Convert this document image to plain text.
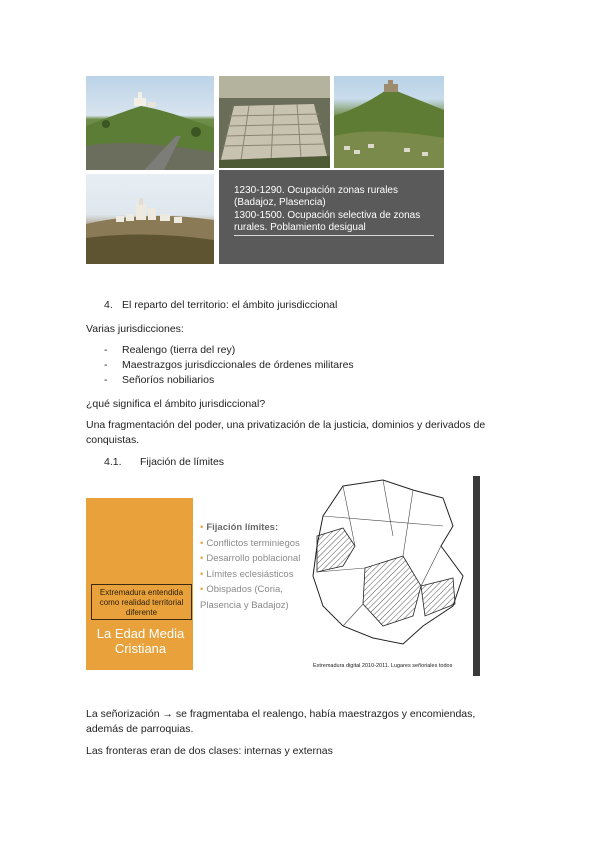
1230-1290. Ocupación zonas rurales (Badajoz, Plasencia)
1300-1500. Ocupación selectiva de zonas rurales. Poblamiento desigual
4. El reparto del territorio: el ámbito jurisdiccional
Varias jurisdicciones:
- Realengo (tierra del rey)
- Maestrazgos jurisdiccionales de órdenes militares
- Señoríos nobiliarios
¿qué significa el ámbito jurisdiccional?
Una fragmentación del poder, una privatización de la justicia, dominios y derivados de conquistas.
4.1. Fijación de límites
Extremadura entendida como realidad territorial diferente
La Edad Media Cristiana
• Fijación límites:
• Conflictos terminiegos
• Desarrollo poblacional
• Límites eclesiásticos
• Obispados (Coria, Plasencia y Badajoz)
Extremadura digital 2010-2011. Lugares señoriales todos
La señorización → se fragmentaba el realengo, había maestrazgos y encomiendas, además de parroquias.
Las fronteras eran de dos clases: internas y externas
